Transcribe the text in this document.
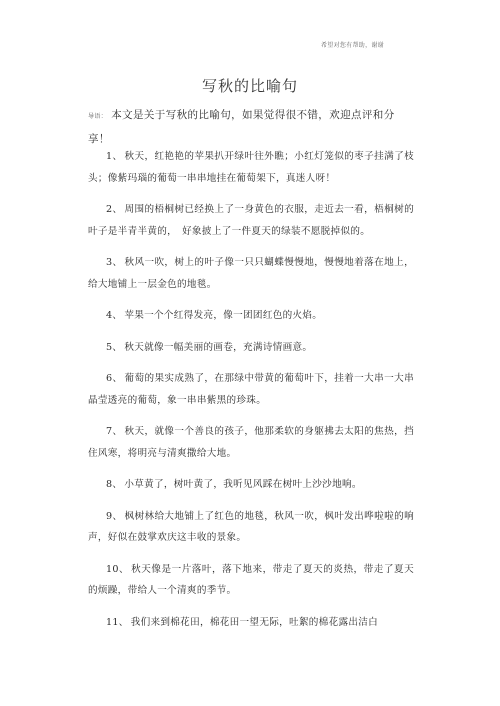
希望对您有帮助，谢谢
写秋的比喻句
导语： 本文是关于写秋的比喻句，如果觉得很不错，欢迎点评和分享！

1、 秋天，红艳艳的苹果扒开绿叶往外瞧；小红灯笼似的枣子挂满了枝头；像紫玛瑙的葡萄一串串地挂在葡萄架下，真迷人呀！

2、 周围的梧桐树已经换上了一身黄色的衣服，走近去一看，梧桐树的叶子是半青半黄的，　好象披上了一件夏天的绿装不愿脱掉似的。

3、 秋风一吹，树上的叶子像一只只蝴蝶慢慢地，慢慢地着落在地上，给大地铺上一层金色的地毯。

4、 苹果一个个红得发亮，像一团团红色的火焰。

5、 秋天就像一幅美丽的画卷，充满诗情画意。

6、 葡萄的果实成熟了，在那绿中带黄的葡萄叶下，挂着一大串一大串晶莹透亮的葡萄，象一串串紫黑的珍珠。

7、 秋天，就像一个善良的孩子，他那柔软的身躯拂去太阳的焦热，挡住风寒，将明亮与清爽撒给大地。

8、 小草黄了，树叶黄了，我听见风踩在树叶上沙沙地响。

9、 枫树林给大地铺上了红色的地毯，秋风一吹，枫叶发出哗啦啦的响声，好似在鼓掌欢庆这丰收的景象。

10、 秋天像是一片落叶，落下地来，带走了夏天的炎热，带走了夏天的烦躁，带给人一个清爽的季节。

11、 我们来到棉花田，棉花田一望无际，吐絮的棉花露出洁白
